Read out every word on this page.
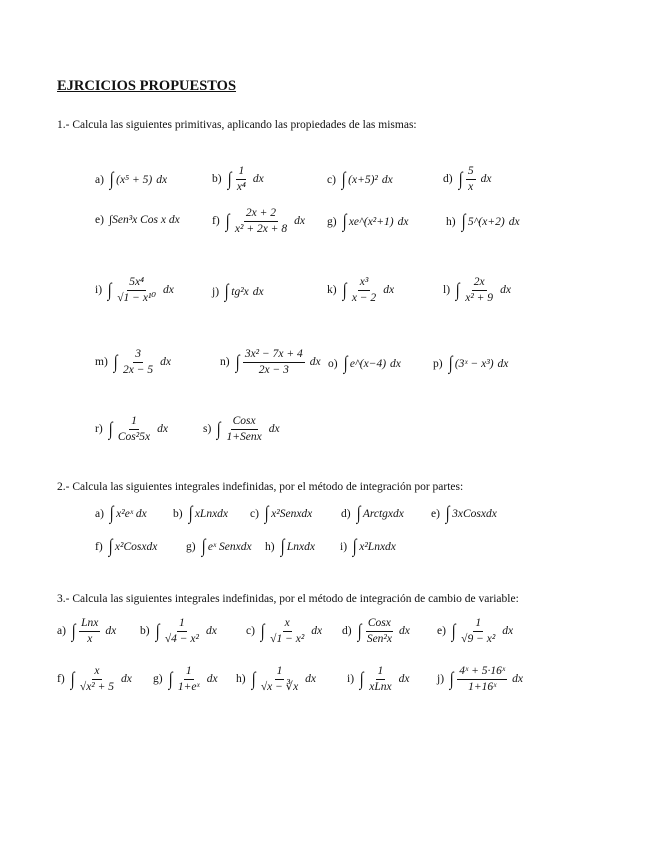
EJRCICIOS PROPUESTOS
1.- Calcula las siguientes primitivas, aplicando las propiedades de las mismas:
a) ∫ (x⁵ + 5) dx	b) ∫ $\frac{1}{\text{x⁴}}$ dx	c) ∫ (x+5)² dx	d) ∫ $\frac{5}{x}$ dx
e) ∫Sen³x Cos x dx	f) ∫ $\frac{2x + 2}{\text{x² + 2x + 8}}$ dx g) ∫ xe^(x²+1) dx	h) ∫ 5^(x+2) dx
i) ∫ $\frac{\text{5x⁴}}{\text{√1 − x¹⁰}}$ dx	j) ∫ tg²x dx	k) ∫ $\frac{\text{x³}}{x - 2}$ dx	l) ∫ $\frac{2x}{\text{x² + 9}}$ dx
m) ∫ $\frac{3}{2x - 5}$ dx	n) ∫ $\frac{\text{3x² − 7x + 4}}{2x - 3}$ dx o) ∫ e^(x−4) dx	p) ∫ (3ˣ − x³) dx
r) ∫ $\frac{1}{\text{Cos²5x}}$ dx	s) ∫ $\frac{\text{Cosx}}{\text{1+Senx}}$ dx
2.- Calcula las siguientes integrales indefinidas, por el método de integración por partes:
a) ∫ x²eˣ dx b) ∫ xLnxdx c) ∫ x²Senxdx d) ∫ Arctgxdx e) ∫ 3xCosxdx
f) ∫ x²Cosxdx g) ∫ eˣ Senxdx h) ∫ Lnxdx i) ∫ x²Lnxdx
3.- Calcula las siguientes integrales indefinidas, por el método de integración de cambio de variable:
a) ∫ $\frac{\text{Lnx}}{x}$ dx b) ∫ $\frac{1}{\text{√4 − x²}}$ dx	c) ∫ $\frac{x}{\text{√1 − x²}}$ dx d) ∫ $\frac{\text{Cosx}}{\text{Sen²x}}$ dx e) ∫ $\frac{1}{\text{√9 − x²}}$ dx
f) ∫ $\frac{x}{\text{√x² + 5}}$ dx g) ∫ $\frac{1}{\text{1+eˣ}}$ dx h) ∫ $\frac{1}{√x - ∛x}$ dx	i) ∫ $\frac{1}{\text{xLnx}}$ dx j) ∫ $\frac{\text{4ˣ + 5·16ˣ}}{\text{1+16ˣ}}$ dx
